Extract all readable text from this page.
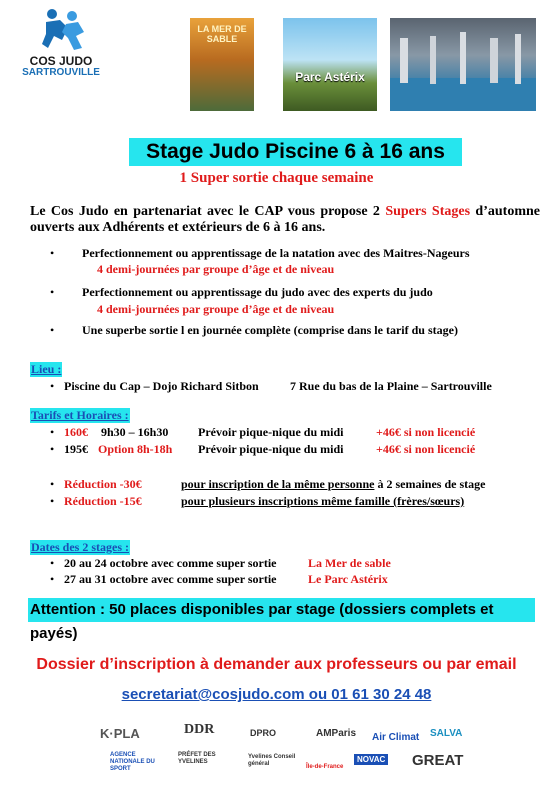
COS JUDO
SARTROUVILLE
LA MER DE SABLE
Parc Astérix
Stage Judo Piscine 6 à 16 ans
1 Super sortie chaque semaine
Le Cos Judo en partenariat avec le CAP vous propose 2 Supers Stages d’automne ouverts aux Adhérents et extérieurs de 6 à 16 ans.
• Perfectionnement ou apprentissage de la natation avec des Maitres-Nageurs
4 demi-journées par groupe d’âge et de niveau
• Perfectionnement ou apprentissage du judo avec des experts du judo
4 demi-journées par groupe d’âge et de niveau
• Une superbe sortie l en journée complète (comprise dans le tarif du stage)
Lieu :
• Piscine du Cap – Dojo Richard Sitbon	7 Rue du bas de la Plaine – Sartrouville
Tarifs et Horaires :
• 160€ 9h30 – 16h30 Prévoir pique-nique du midi	+46€ si non licencié
• 195€ Option 8h-18h Prévoir pique-nique du midi	+46€ si non licencié
• Réduction -30€	pour inscription de la même personne à 2 semaines de stage
• Réduction -15€	pour plusieurs inscriptions même famille (frères/sœurs)
Dates des 2 stages :
• 20 au 24 octobre avec comme super sortie	La Mer de sable
• 27 au 31 octobre avec comme super sortie	Le Parc Astérix
Attention : 50 places disponibles par stage (dossiers complets et payés)
Dossier d’inscription à demander aux professeurs ou par email
secretariat@cosjudo.com ou 01 61 30 24 48
K·PLA	DDR	DPRO	AMParis Air Climat SALVA
AGENCE NATIONALE DU SPORT
PRÉFET DES YVELINES
Yvelines Conseil général	Île-de-France
NOVAC GREAT
